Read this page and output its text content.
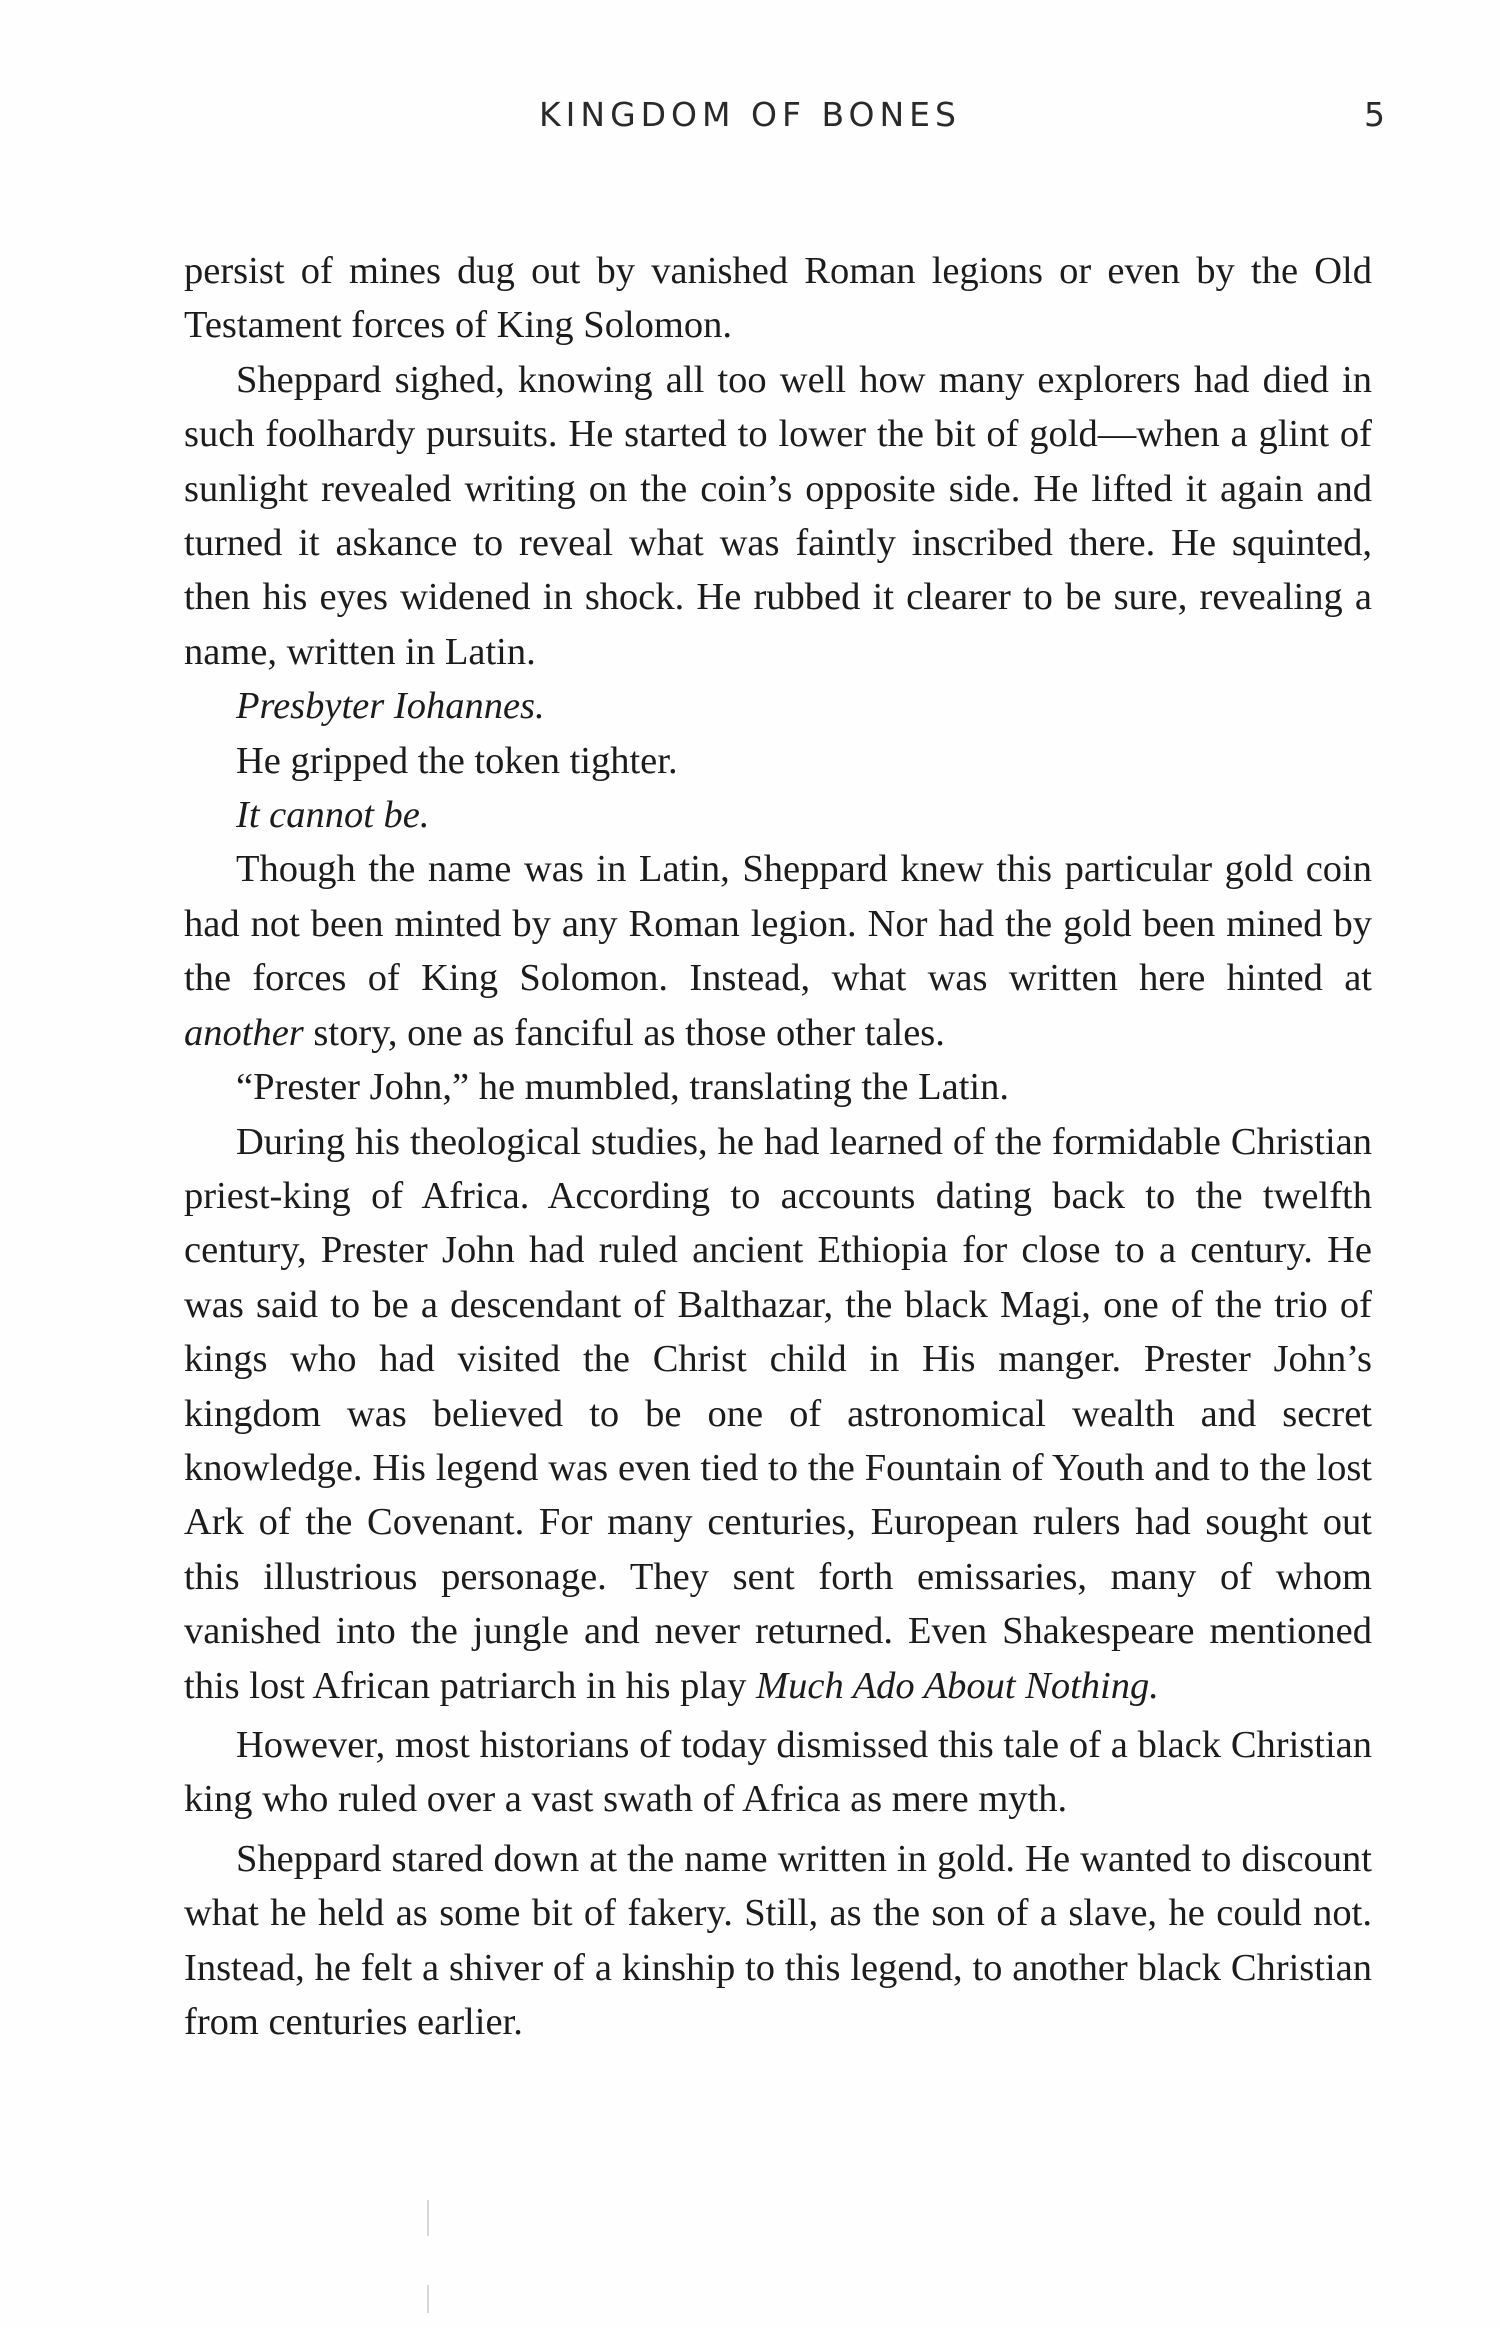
KINGDOM OF BONES	5

persist of mines dug out by vanished Roman legions or even by the Old Testament forces of King Solomon.

Sheppard sighed, knowing all too well how many explorers had died in such foolhardy pursuits. He started to lower the bit of gold—when a glint of sunlight revealed writing on the coin’s opposite side. He lifted it again and turned it askance to reveal what was faintly inscribed there. He squinted, then his eyes widened in shock. He rubbed it clearer to be sure, revealing a name, written in Latin.

Presbyter Iohannes.

He gripped the token tighter.

It cannot be.

Though the name was in Latin, Sheppard knew this particular gold coin had not been minted by any Roman legion. Nor had the gold been mined by the forces of King Solomon. Instead, what was written here hinted at another story, one as fanciful as those other tales.

“Prester John,” he mumbled, translating the Latin.

During his theological studies, he had learned of the formidable Christian priest-king of Africa. According to accounts dating back to the twelfth century, Prester John had ruled ancient Ethiopia for close to a century. He was said to be a descendant of Balthazar, the black Magi, one of the trio of kings who had visited the Christ child in His manger. Prester John’s kingdom was believed to be one of astronomical wealth and secret knowledge. His legend was even tied to the Fountain of Youth and to the lost Ark of the Covenant. For many centuries, European rulers had sought out this illustrious personage. They sent forth emissaries, many of whom vanished into the jungle and never returned. Even Shakespeare mentioned this lost African patriarch in his play Much Ado About Nothing.

However, most historians of today dismissed this tale of a black Christian king who ruled over a vast swath of Africa as mere myth.

Sheppard stared down at the name written in gold. He wanted to discount what he held as some bit of fakery. Still, as the son of a slave, he could not. Instead, he felt a shiver of a kinship to this legend, to another black Christian from centuries earlier.
